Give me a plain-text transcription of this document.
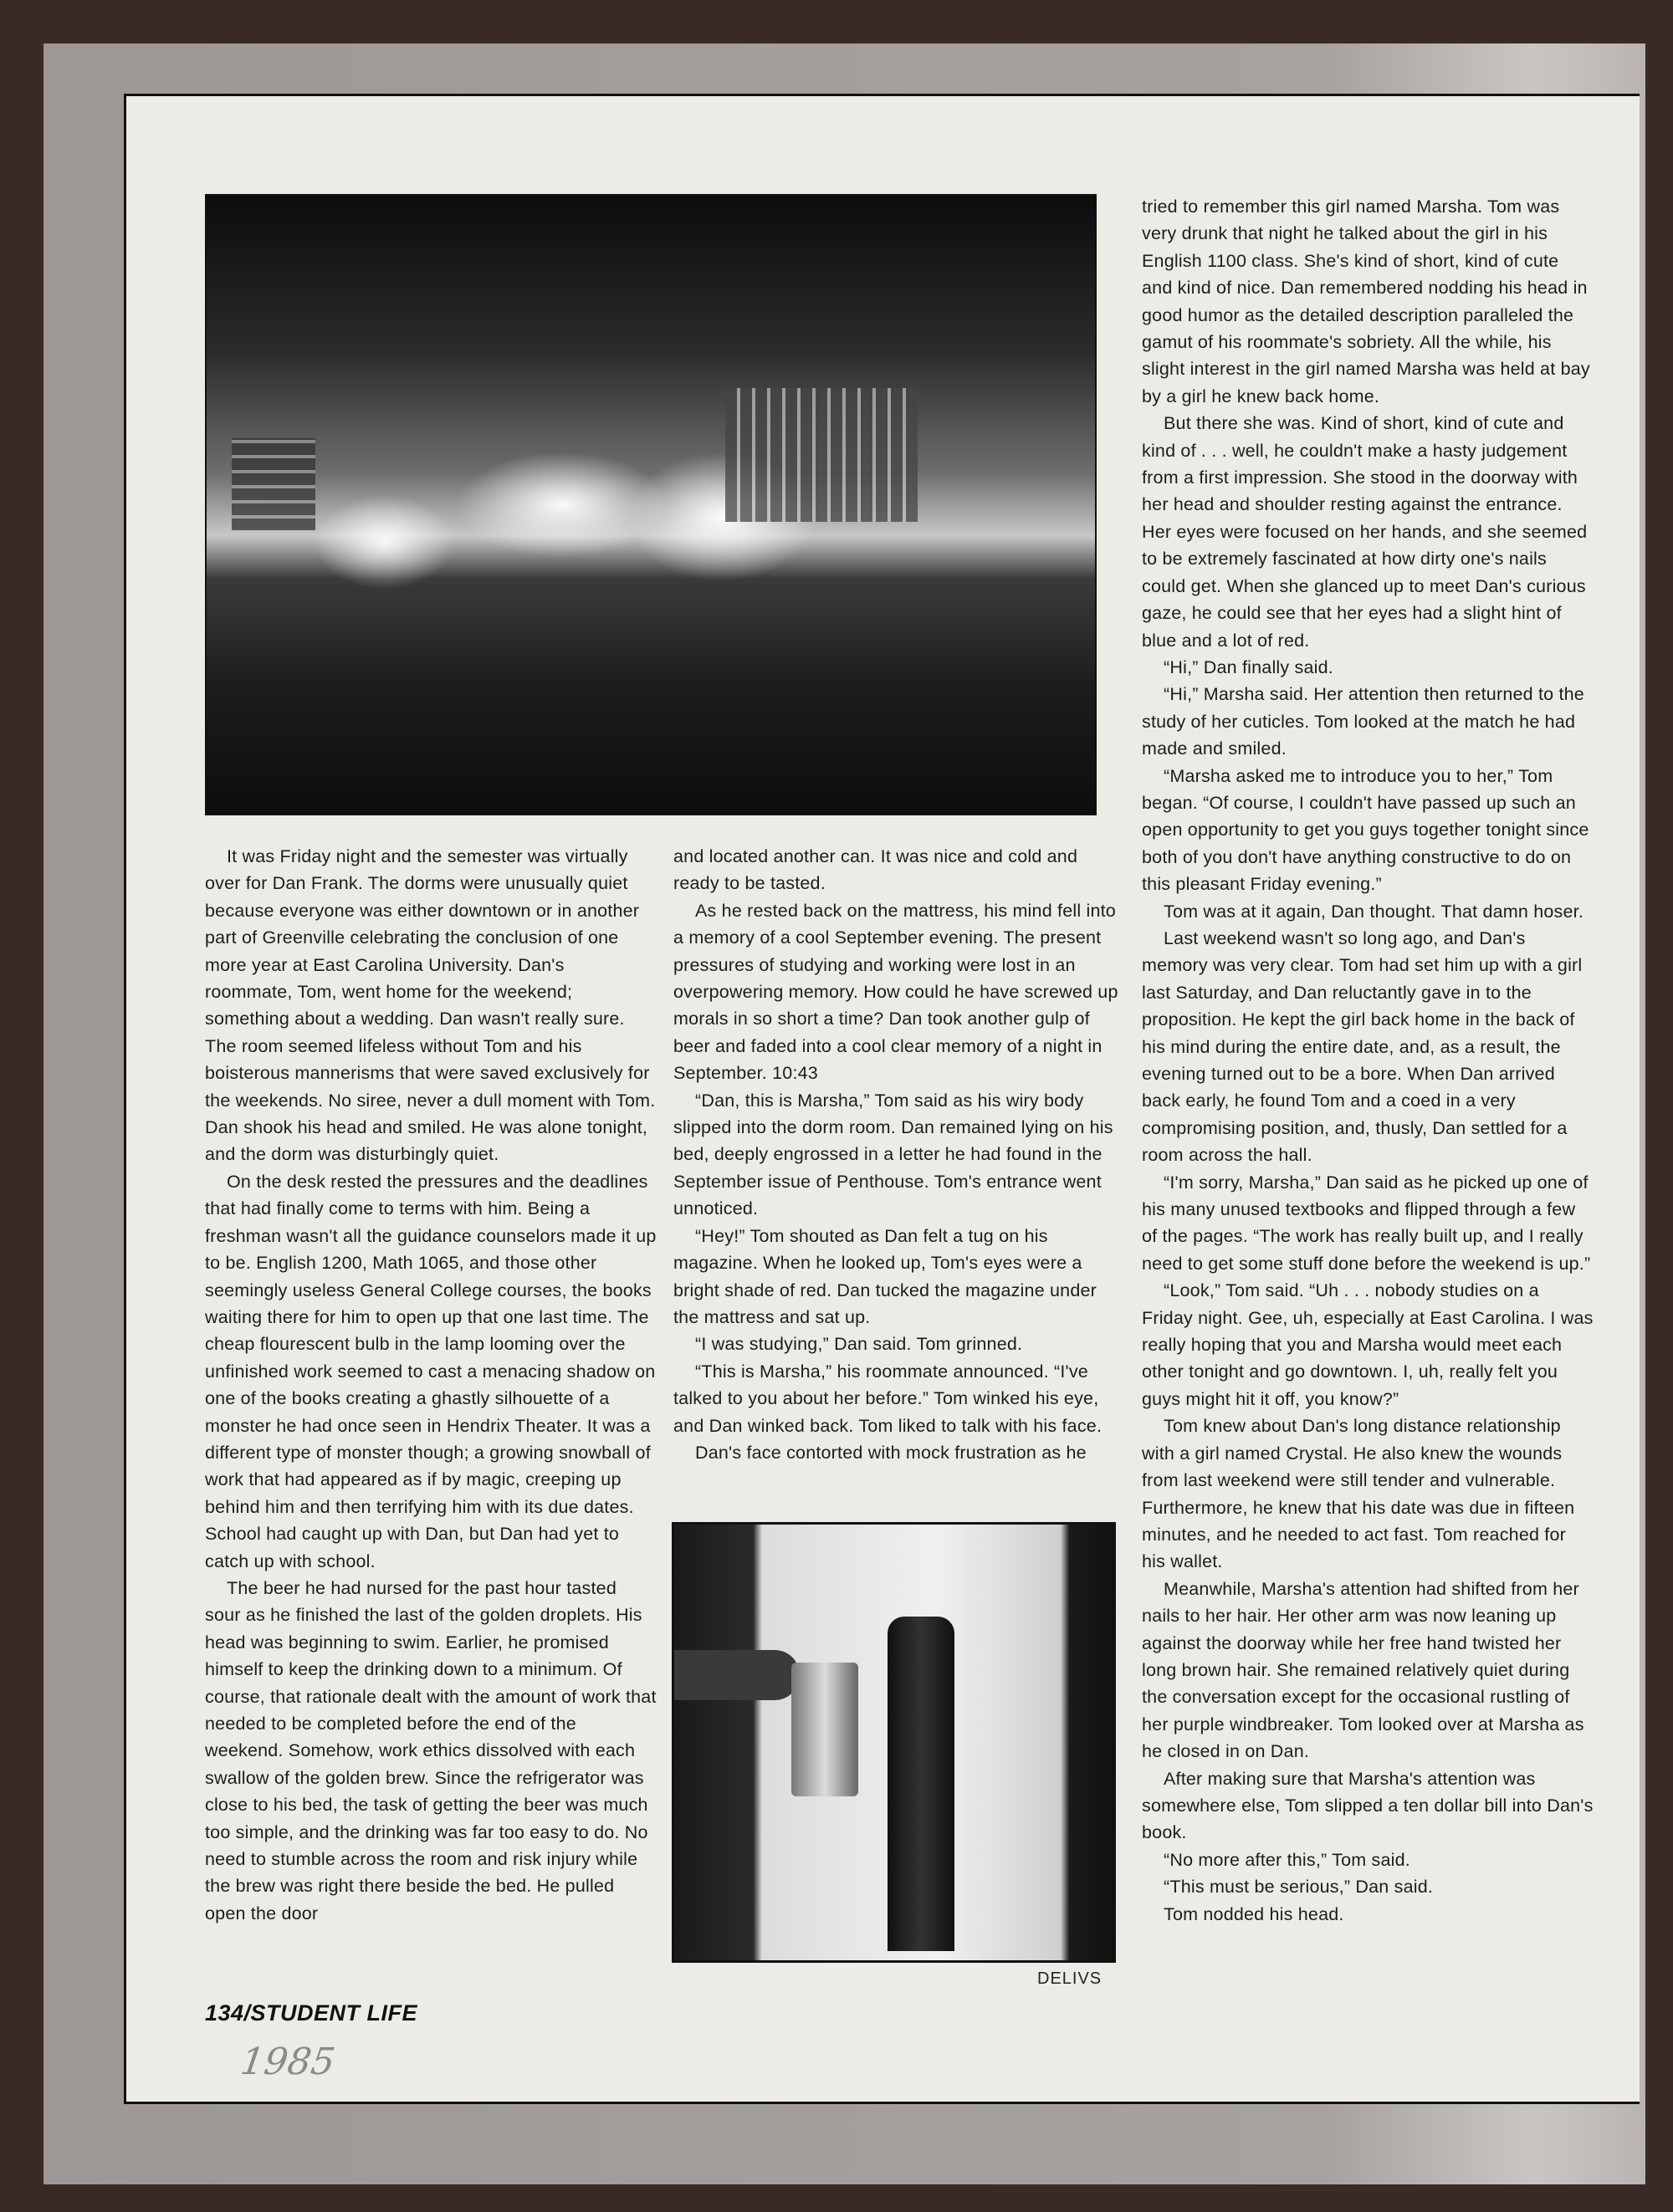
DELIVS

It was Friday night and the semester was virtually over for Dan Frank. The dorms were unusually quiet because everyone was either downtown or in another part of Greenville celebrating the conclusion of one more year at East Carolina University. Dan's roommate, Tom, went home for the weekend; something about a wedding. Dan wasn't really sure. The room seemed lifeless without Tom and his boisterous mannerisms that were saved exclusively for the weekends. No siree, never a dull moment with Tom. Dan shook his head and smiled. He was alone tonight, and the dorm was disturbingly quiet.

On the desk rested the pressures and the deadlines that had finally come to terms with him. Being a freshman wasn't all the guidance counselors made it up to be. English 1200, Math 1065, and those other seemingly useless General College courses, the books waiting there for him to open up that one last time. The cheap flourescent bulb in the lamp looming over the unfinished work seemed to cast a menacing shadow on one of the books creating a ghastly silhouette of a monster he had once seen in Hendrix Theater. It was a different type of monster though; a growing snowball of work that had appeared as if by magic, creeping up behind him and then terrifying him with its due dates. School had caught up with Dan, but Dan had yet to catch up with school.

The beer he had nursed for the past hour tasted sour as he finished the last of the golden droplets. His head was beginning to swim. Earlier, he promised himself to keep the drinking down to a minimum. Of course, that rationale dealt with the amount of work that needed to be completed before the end of the weekend. Somehow, work ethics dissolved with each swallow of the golden brew. Since the refrigerator was close to his bed, the task of getting the beer was much too simple, and the drinking was far too easy to do. No need to stumble across the room and risk injury while the brew was right there beside the bed. He pulled open the door

and located another can. It was nice and cold and ready to be tasted.

As he rested back on the mattress, his mind fell into a memory of a cool September evening. The present pressures of studying and working were lost in an overpowering memory. How could he have screwed up morals in so short a time? Dan took another gulp of beer and faded into a cool clear memory of a night in September. 10:43

“Dan, this is Marsha,” Tom said as his wiry body slipped into the dorm room. Dan remained lying on his bed, deeply engrossed in a letter he had found in the September issue of Penthouse. Tom's entrance went unnoticed.

“Hey!” Tom shouted as Dan felt a tug on his magazine. When he looked up, Tom's eyes were a bright shade of red. Dan tucked the magazine under the mattress and sat up.

“I was studying,” Dan said. Tom grinned.

“This is Marsha,” his roommate announced. “I've talked to you about her before.” Tom winked his eye, and Dan winked back. Tom liked to talk with his face.

Dan's face contorted with mock frustration as he

tried to remember this girl named Marsha. Tom was very drunk that night he talked about the girl in his English 1100 class. She's kind of short, kind of cute and kind of nice. Dan remembered nodding his head in good humor as the detailed description paralleled the gamut of his roommate's sobriety. All the while, his slight interest in the girl named Marsha was held at bay by a girl he knew back home.

But there she was. Kind of short, kind of cute and kind of . . . well, he couldn't make a hasty judgement from a first impression. She stood in the doorway with her head and shoulder resting against the entrance. Her eyes were focused on her hands, and she seemed to be extremely fascinated at how dirty one's nails could get. When she glanced up to meet Dan's curious gaze, he could see that her eyes had a slight hint of blue and a lot of red.

“Hi,” Dan finally said.

“Hi,” Marsha said. Her attention then returned to the study of her cuticles. Tom looked at the match he had made and smiled.

“Marsha asked me to introduce you to her,” Tom began. “Of course, I couldn't have passed up such an open opportunity to get you guys together tonight since both of you don't have anything constructive to do on this pleasant Friday evening.”

Tom was at it again, Dan thought. That damn hoser.

Last weekend wasn't so long ago, and Dan's memory was very clear. Tom had set him up with a girl last Saturday, and Dan reluctantly gave in to the proposition. He kept the girl back home in the back of his mind during the entire date, and, as a result, the evening turned out to be a bore. When Dan arrived back early, he found Tom and a coed in a very compromising position, and, thusly, Dan settled for a room across the hall.

“I'm sorry, Marsha,” Dan said as he picked up one of his many unused textbooks and flipped through a few of the pages. “The work has really built up, and I really need to get some stuff done before the weekend is up.”

“Look,” Tom said. “Uh . . . nobody studies on a Friday night. Gee, uh, especially at East Carolina. I was really hoping that you and Marsha would meet each other tonight and go downtown. I, uh, really felt you guys might hit it off, you know?”

Tom knew about Dan's long distance relationship with a girl named Crystal. He also knew the wounds from last weekend were still tender and vulnerable. Furthermore, he knew that his date was due in fifteen minutes, and he needed to act fast. Tom reached for his wallet.

Meanwhile, Marsha's attention had shifted from her nails to her hair. Her other arm was now leaning up against the doorway while her free hand twisted her long brown hair. She remained relatively quiet during the conversation except for the occasional rustling of her purple windbreaker. Tom looked over at Marsha as he closed in on Dan.

After making sure that Marsha's attention was somewhere else, Tom slipped a ten dollar bill into Dan's book.

“No more after this,” Tom said.

“This must be serious,” Dan said.

Tom nodded his head.

134/STUDENT LIFE
1985
